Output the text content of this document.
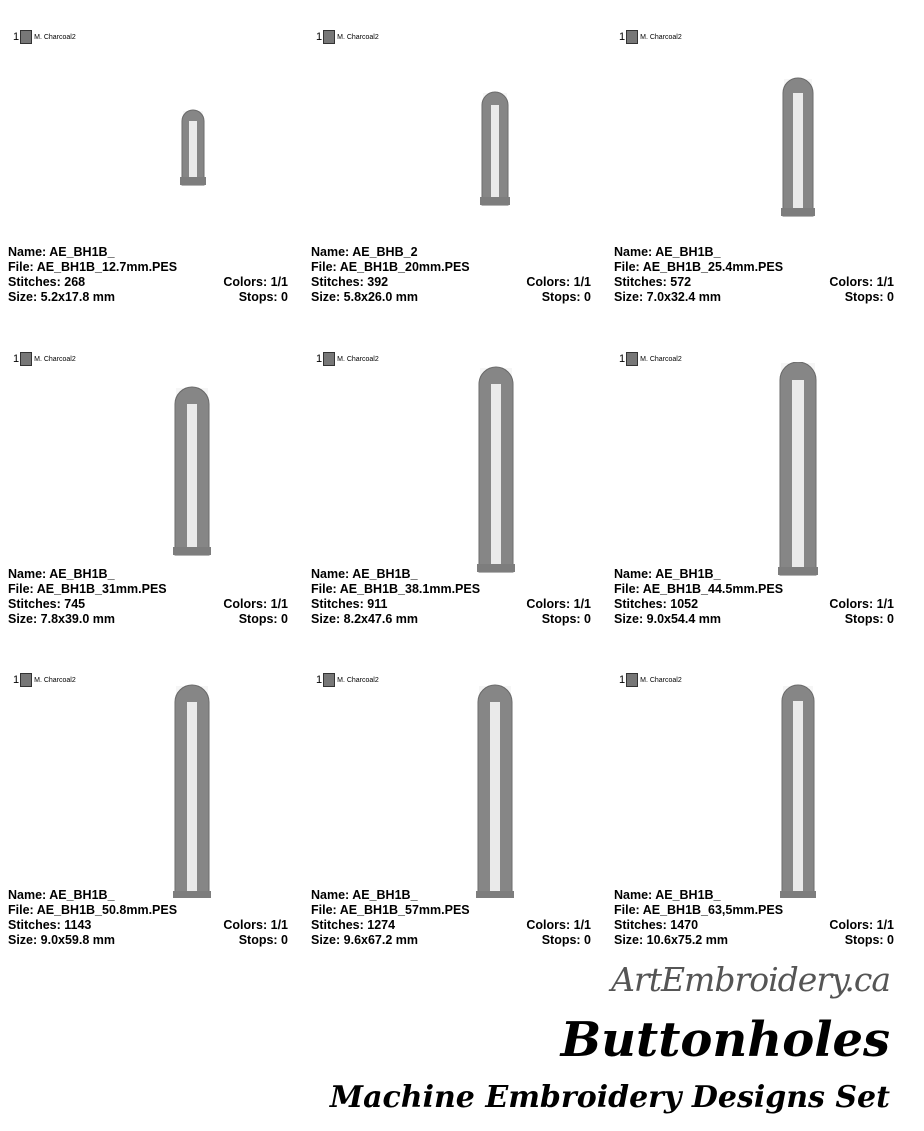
1 M. Charcoal2
Name: AE_BH1B_
File: AE_BH1B_12.7mm.PES
Stitches: 268	Colors: 1/1
Size: 5.2x17.8 mm	Stops: 0
1 M. Charcoal2
Name: AE_BHB_2
File: AE_BH1B_20mm.PES
Stitches: 392	Colors: 1/1
Size: 5.8x26.0 mm	Stops: 0
1 M. Charcoal2
Name: AE_BH1B_
File: AE_BH1B_25.4mm.PES
Stitches: 572	Colors: 1/1
Size: 7.0x32.4 mm	Stops: 0
1 M. Charcoal2
Name: AE_BH1B_
File: AE_BH1B_31mm.PES
Stitches: 745	Colors: 1/1
Size: 7.8x39.0 mm	Stops: 0
1 M. Charcoal2
Name: AE_BH1B_
File: AE_BH1B_38.1mm.PES
Stitches: 911	Colors: 1/1
Size: 8.2x47.6 mm	Stops: 0
1 M. Charcoal2
Name: AE_BH1B_
File: AE_BH1B_44.5mm.PES
Stitches: 1052	Colors: 1/1
Size: 9.0x54.4 mm	Stops: 0
1 M. Charcoal2
Name: AE_BH1B_
File: AE_BH1B_50.8mm.PES
Stitches: 1143	Colors: 1/1
Size: 9.0x59.8 mm	Stops: 0
1 M. Charcoal2
Name: AE_BH1B_
File: AE_BH1B_57mm.PES
Stitches: 1274	Colors: 1/1
Size: 9.6x67.2 mm	Stops: 0
1 M. Charcoal2
Name: AE_BH1B_
File: AE_BH1B_63,5mm.PES
Stitches: 1470	Colors: 1/1
Size: 10.6x75.2 mm	Stops: 0
ArtEmbroidery.ca
Buttonholes
Machine Embroidery Designs Set
